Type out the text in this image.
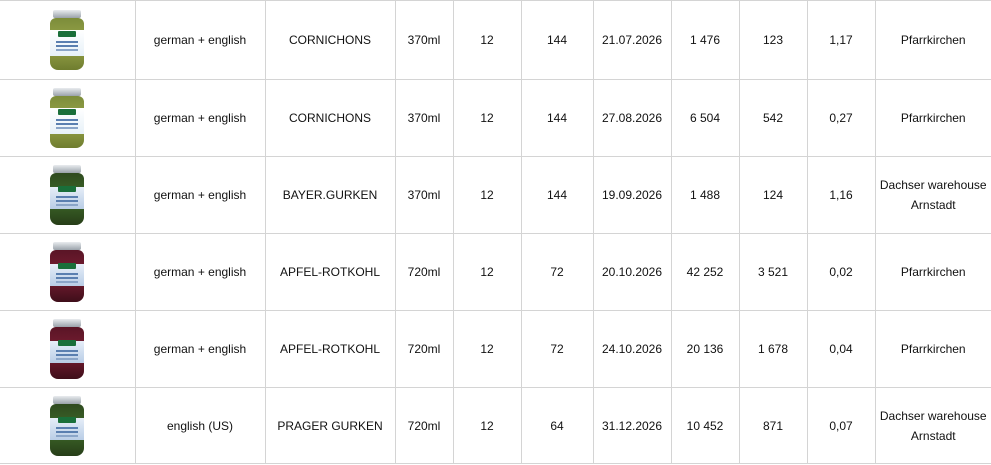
	german + english	CORNICHONS	370ml	12	144	21.07.2026	1 476	123	1,17	Pfarrkirchen

	german + english	CORNICHONS	370ml	12	144	27.08.2026	6 504	542	0,27	Pfarrkirchen

	german + english	BAYER.GURKEN	370ml	12	144	19.09.2026	1 488	124	1,16	Dachser warehouse Arnstadt

	german + english	APFEL-ROTKOHL	720ml	12	72	20.10.2026	42 252	3 521	0,02	Pfarrkirchen

	german + english	APFEL-ROTKOHL	720ml	12	72	24.10.2026	20 136	1 678	0,04	Pfarrkirchen

	english (US)	PRAGER GURKEN	720ml	12	64	31.12.2026	10 452	871	0,07	Dachser warehouse Arnstadt
